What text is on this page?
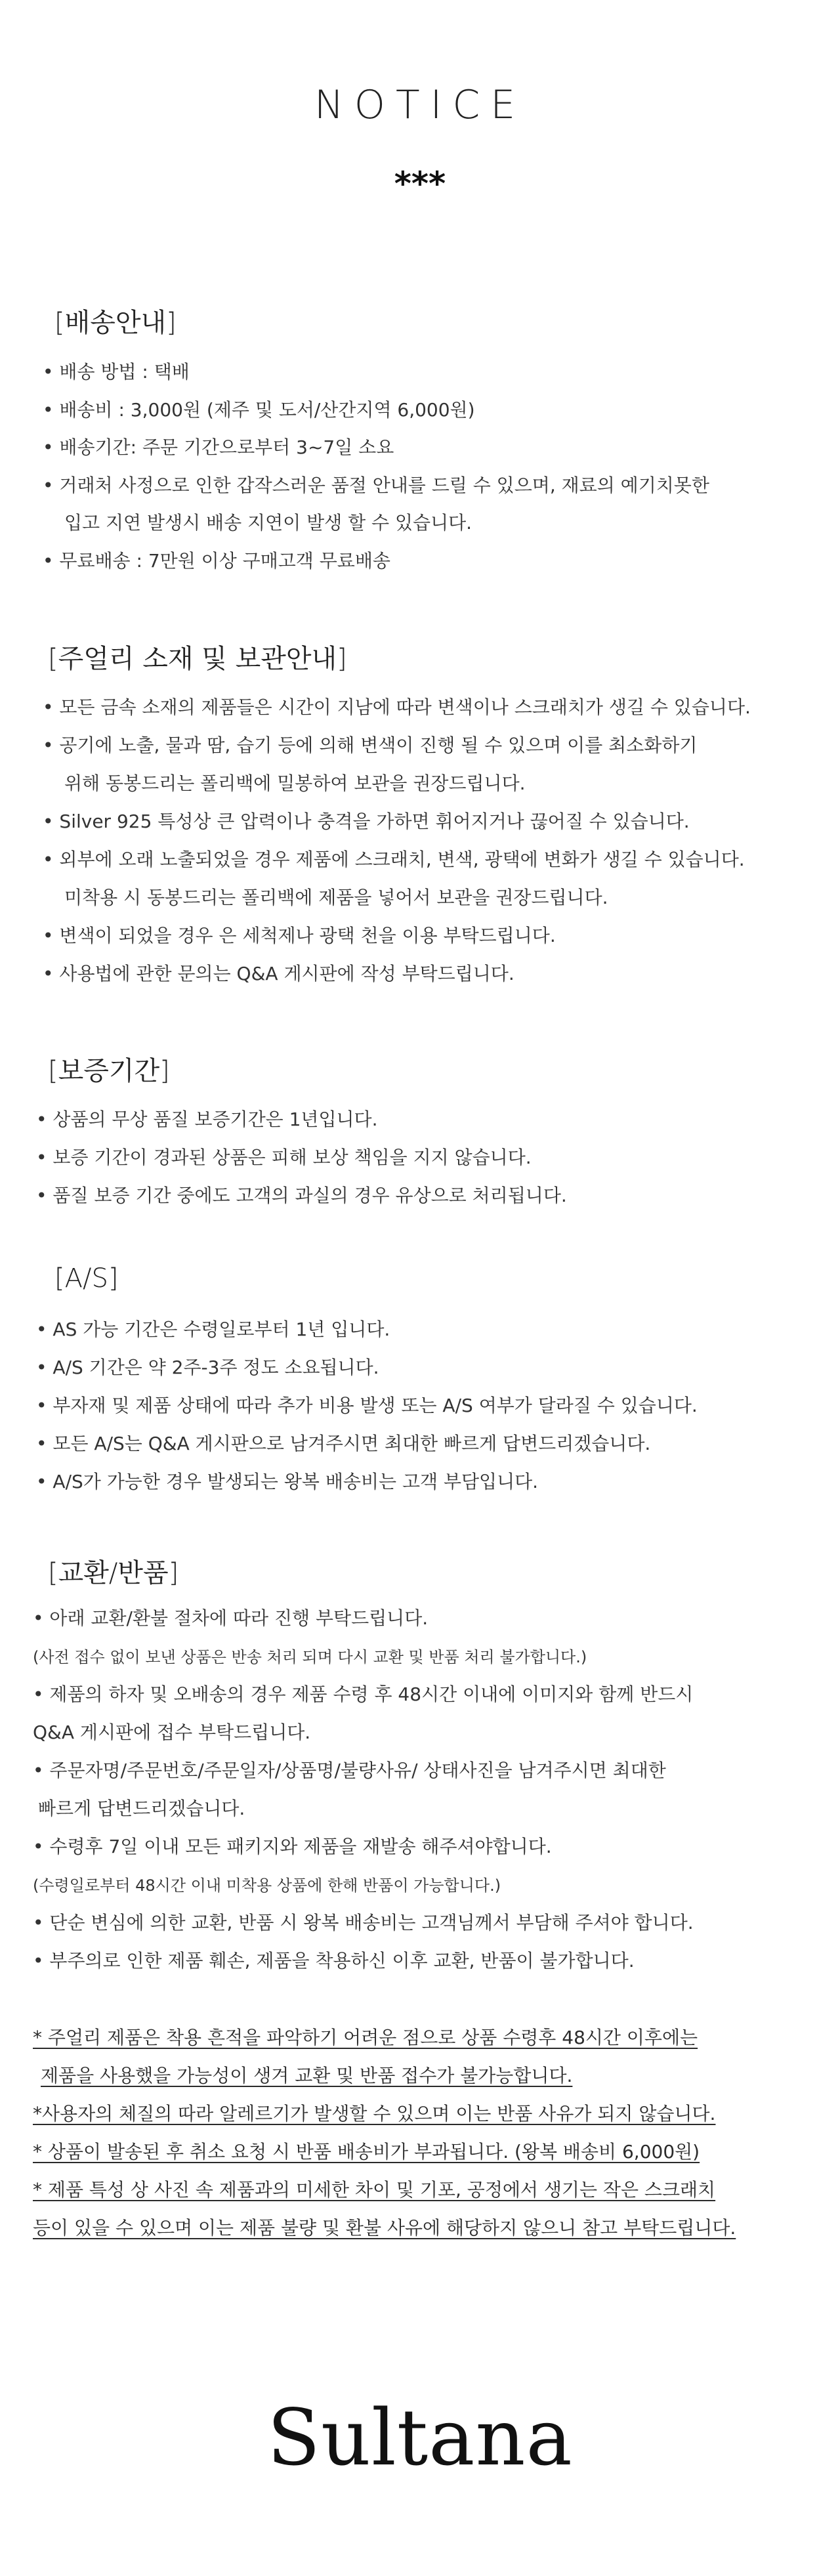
NOTICE
***
[배송안내]
• 배송 방법 : 택배
• 배송비 : 3,000원 (제주 및 도서/산간지역 6,000원)
• 배송기간: 주문 기간으로부터 3~7일 소요
• 거래처 사정으로 인한 갑작스러운 품절 안내를 드릴 수 있으며, 재료의 예기치못한
입고 지연 발생시 배송 지연이 발생 할 수 있습니다.
• 무료배송 : 7만원 이상 구매고객 무료배송
[주얼리 소재 및 보관안내]
• 모든 금속 소재의 제품들은 시간이 지남에 따라 변색이나 스크래치가 생길 수 있습니다.
• 공기에 노출, 물과 땀, 습기 등에 의해 변색이 진행 될 수 있으며 이를 최소화하기
위해 동봉드리는 폴리백에 밀봉하여 보관을 권장드립니다.
• Silver 925 특성상 큰 압력이나 충격을 가하면 휘어지거나 끊어질 수 있습니다.
• 외부에 오래 노출되었을 경우 제품에 스크래치, 변색, 광택에 변화가 생길 수 있습니다.
미착용 시 동봉드리는 폴리백에 제품을 넣어서 보관을 권장드립니다.
• 변색이 되었을 경우 은 세척제나 광택 천을 이용 부탁드립니다.
• 사용법에 관한 문의는 Q&A 게시판에 작성 부탁드립니다.
[보증기간]
• 상품의 무상 품질 보증기간은 1년입니다.
• 보증 기간이 경과된 상품은 피해 보상 책임을 지지 않습니다.
• 품질 보증 기간 중에도 고객의 과실의 경우 유상으로 처리됩니다.
[A/S]
• AS 가능 기간은 수령일로부터 1년 입니다.
• A/S 기간은 약 2주-3주 정도 소요됩니다.
• 부자재 및 제품 상태에 따라 추가 비용 발생 또는 A/S 여부가 달라질 수 있습니다.
• 모든 A/S는 Q&A 게시판으로 남겨주시면 최대한 빠르게 답변드리겠습니다.
• A/S가 가능한 경우 발생되는 왕복 배송비는 고객 부담입니다.
[교환/반품]
• 아래 교환/환불 절차에 따라 진행 부탁드립니다.
(사전 접수 없이 보낸 상품은 반송 처리 되며 다시 교환 및 반품 처리 불가합니다.)
• 제품의 하자 및 오배송의 경우 제품 수령 후 48시간 이내에 이미지와 함께 반드시
Q&A 게시판에 접수 부탁드립니다.
• 주문자명/주문번호/주문일자/상품명/불량사유/ 상태사진을 남겨주시면 최대한
빠르게 답변드리겠습니다.
• 수령후 7일 이내 모든 패키지와 제품을 재발송 해주셔야합니다.
(수령일로부터 48시간 이내 미착용 상품에 한해 반품이 가능합니다.)
• 단순 변심에 의한 교환, 반품 시 왕복 배송비는 고객님께서 부담해 주셔야 합니다.
• 부주의로 인한 제품 훼손, 제품을 착용하신 이후 교환, 반품이 불가합니다.
* 주얼리 제품은 착용 흔적을 파악하기 어려운 점으로 상품 수령후 48시간 이후에는
제품을 사용했을 가능성이 생겨 교환 및 반품 접수가 불가능합니다.
*사용자의 체질의 따라 알레르기가 발생할 수 있으며 이는 반품 사유가 되지 않습니다.
* 상품이 발송된 후 취소 요청 시 반품 배송비가 부과됩니다. (왕복 배송비 6,000원)
* 제품 특성 상 사진 속 제품과의 미세한 차이 및 기포, 공정에서 생기는 작은 스크래치
등이 있을 수 있으며 이는 제품 불량 및 환불 사유에 해당하지 않으니 참고 부탁드립니다.
Sultana
